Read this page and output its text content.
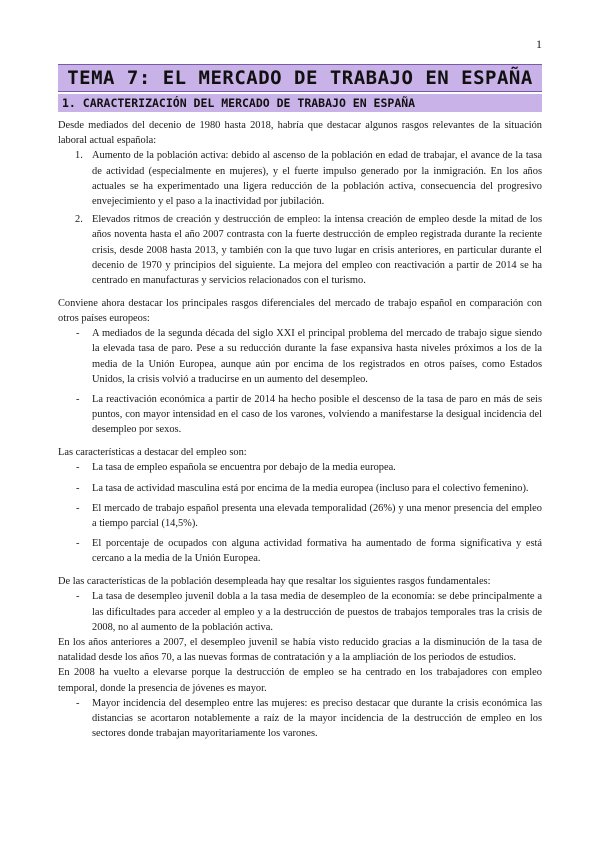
1
TEMA 7: EL MERCADO DE TRABAJO EN ESPAÑA
1. CARACTERIZACIÓN DEL MERCADO DE TRABAJO EN ESPAÑA

Desde mediados del decenio de 1980 hasta 2018, habría que destacar algunos rasgos relevantes de la situación laboral actual española:

1. Aumento de la población activa: debido al ascenso de la población en edad de trabajar, el avance de la tasa de actividad (especialmente en mujeres), y el fuerte impulso generado por la inmigración. En los años actuales se ha experimentado una ligera reducción de la población activa, consecuencia del progresivo envejecimiento y el paso a la inactividad por jubilación.
2. Elevados ritmos de creación y destrucción de empleo: la intensa creación de empleo desde la mitad de los años noventa hasta el año 2007 contrasta con la fuerte destrucción de empleo registrada durante la reciente crisis, desde 2008 hasta 2013, y también con la que tuvo lugar en crisis anteriores, en particular durante el decenio de 1970 y principios del siguiente. La mejora del empleo con reactivación a partir de 2014 se ha centrado en manufacturas y servicios relacionados con el turismo.

Conviene ahora destacar los principales rasgos diferenciales del mercado de trabajo español en comparación con otros países europeos:

- A mediados de la segunda década del siglo XXI el principal problema del mercado de trabajo sigue siendo la elevada tasa de paro. Pese a su reducción durante la fase expansiva hasta niveles próximos a los de la media de la Unión Europea, aunque aún por encima de los registrados en otros países, como Estados Unidos, la crisis volvió a traducirse en un aumento del desempleo.
- La reactivación económica a partir de 2014 ha hecho posible el descenso de la tasa de paro en más de seis puntos, con mayor intensidad en el caso de los varones, volviendo a manifestarse la desigual incidencia del desempleo por sexos.

Las características a destacar del empleo son:

- La tasa de empleo española se encuentra por debajo de la media europea.
- La tasa de actividad masculina está por encima de la media europea (incluso para el colectivo femenino).
- El mercado de trabajo español presenta una elevada temporalidad (26%) y una menor presencia del empleo a tiempo parcial (14,5%).
- El porcentaje de ocupados con alguna actividad formativa ha aumentado de forma significativa y está cercano a la media de la Unión Europea.

De las características de la población desempleada hay que resaltar los siguientes rasgos fundamentales:

- La tasa de desempleo juvenil dobla a la tasa media de desempleo de la economía: se debe principalmente a las dificultades para acceder al empleo y a la destrucción de puestos de trabajos temporales tras la crisis de 2008, no al aumento de la población activa.

En los años anteriores a 2007, el desempleo juvenil se había visto reducido gracias a la disminución de la tasa de natalidad desde los años 70, a las nuevas formas de contratación y a la ampliación de los periodos de estudios.

En 2008 ha vuelto a elevarse porque la destrucción de empleo se ha centrado en los trabajadores con empleo temporal, donde la presencia de jóvenes es mayor.

- Mayor incidencia del desempleo entre las mujeres: es preciso destacar que durante la crisis económica las distancias se acortaron notablemente a raíz de la mayor incidencia de la destrucción de empleo en los sectores donde trabajan mayoritariamente los varones.
